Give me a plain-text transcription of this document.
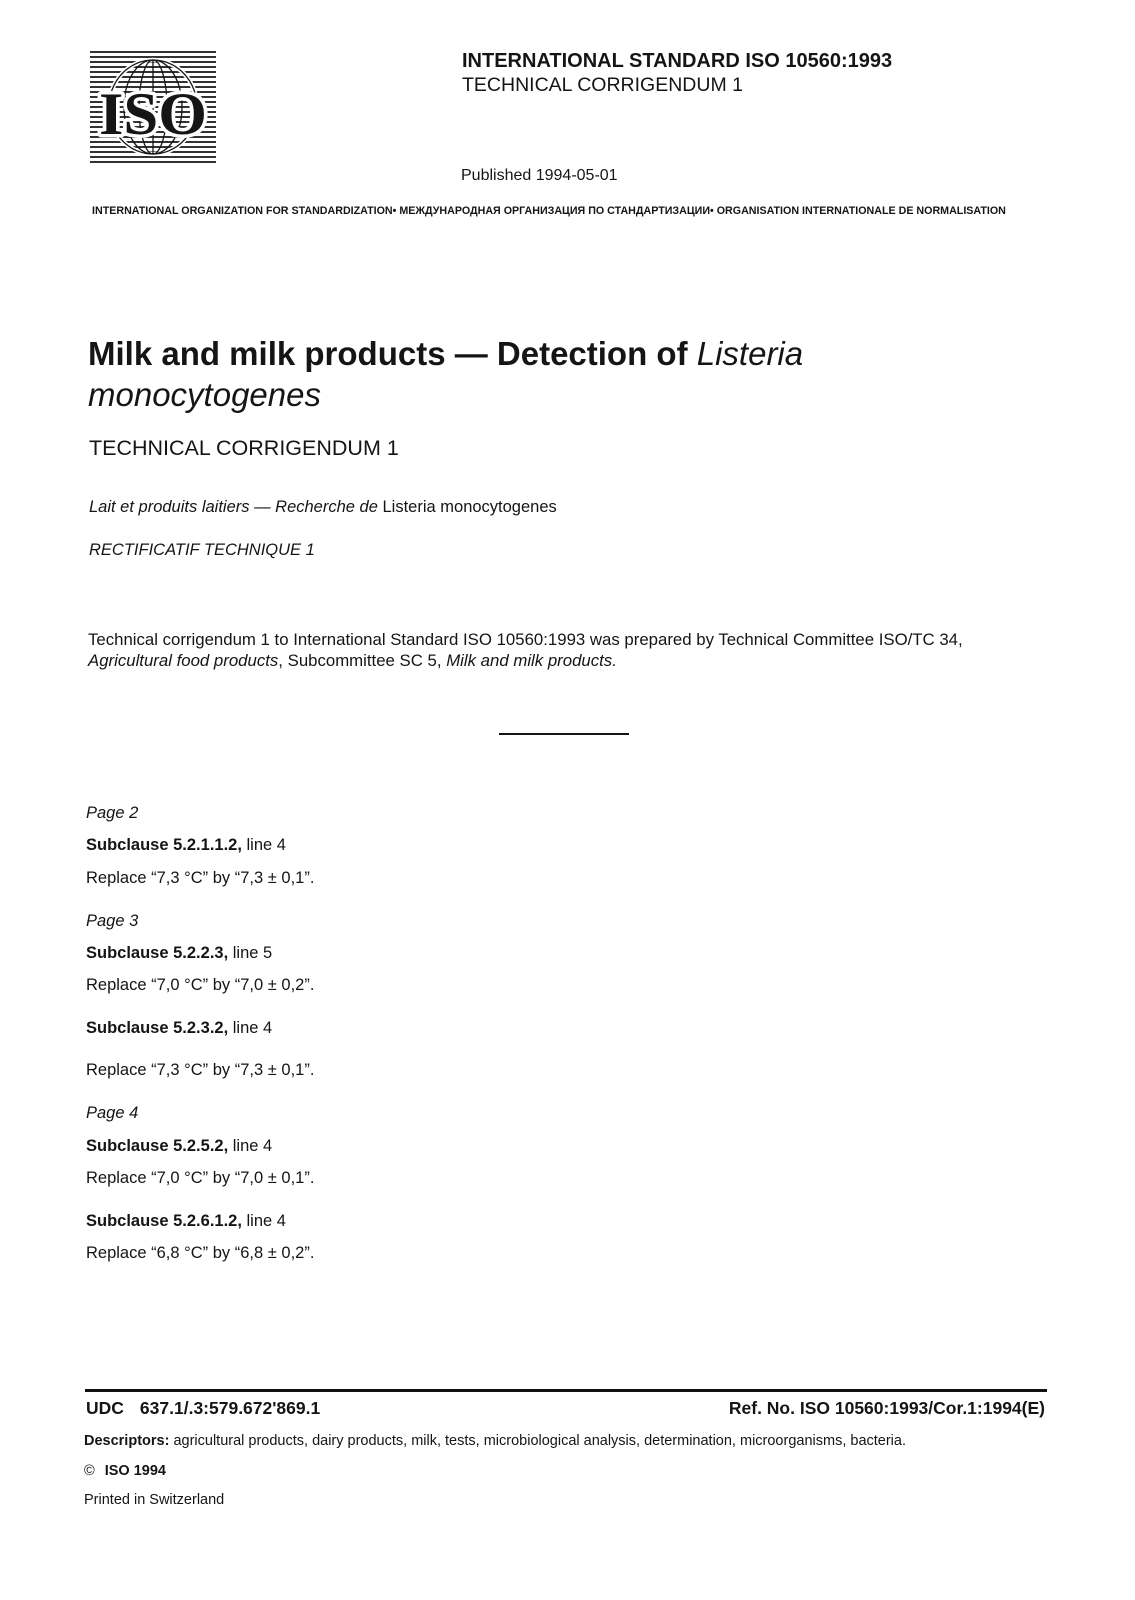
ISO
INTERNATIONAL STANDARD ISO 10560:1993
TECHNICAL CORRIGENDUM 1
Published 1994-05-01
INTERNATIONAL ORGANIZATION FOR STANDARDIZATION• МЕЖДУНАРОДНАЯ ОРГАНИЗАЦИЯ ПО СТАНДАРТИЗАЦИИ• ORGANISATION INTERNATIONALE DE NORMALISATION
Milk and milk products — Detection of Listeria
monocytogenes
TECHNICAL CORRIGENDUM 1
Lait et produits laitiers — Recherche de Listeria monocytogenes
RECTIFICATIF TECHNIQUE 1
Technical corrigendum 1 to International Standard ISO 10560:1993 was prepared by Technical Committee ISO/TC 34,
Agricultural food products, Subcommittee SC 5, Milk and milk products.
Page 2
Subclause 5.2.1.1.2, line 4
Replace “7,3 °C” by “7,3 ± 0,1”.
Page 3
Subclause 5.2.2.3, line 5
Replace “7,0 °C” by “7,0 ± 0,2”.
Subclause 5.2.3.2, line 4
Replace “7,3 °C” by “7,3 ± 0,1”.
Page 4
Subclause 5.2.5.2, line 4
Replace “7,0 °C” by “7,0 ± 0,1”.
Subclause 5.2.6.1.2, line 4
Replace “6,8 °C” by “6,8 ± 0,2”.
UDC 637.1/.3:579.672'869.1	Ref. No. ISO 10560:1993/Cor.1:1994(E)
Descriptors: agricultural products, dairy products, milk, tests, microbiological analysis, determination, microorganisms, bacteria.
© ISO 1994
Printed in Switzerland
